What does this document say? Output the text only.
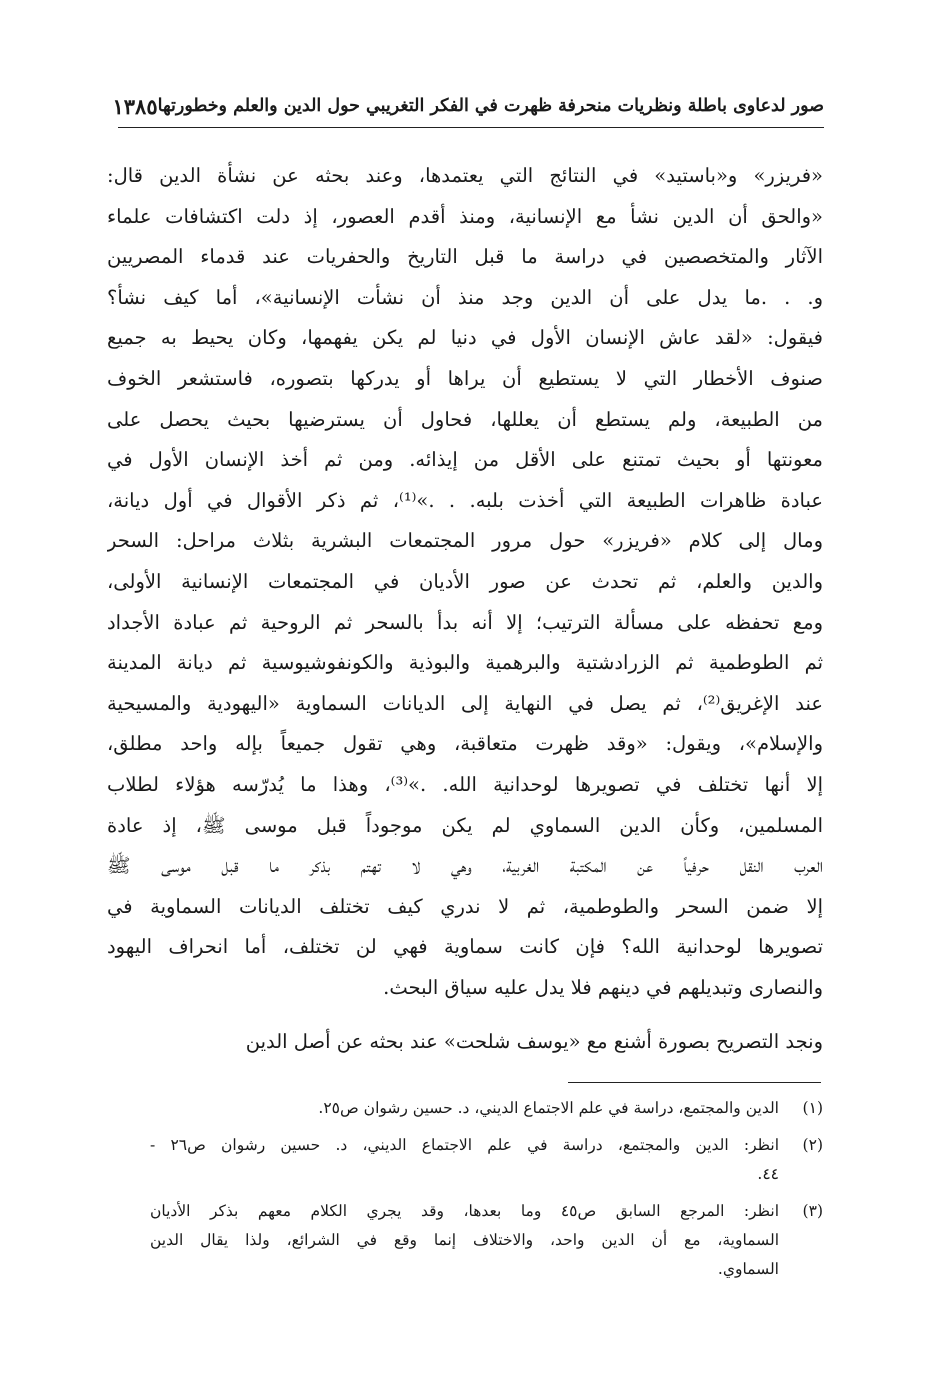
صور لدعاوى باطلة ونظريات منحرفة ظهرت في الفكر التغريبي حول الدين والعلم وخطورتها
١٣٨٥
«فريزر» و«باستيد» في النتائج التي يعتمدها، وعند بحثه عن نشأة الدين قال:
«والحق أن الدين نشأ مع الإنسانية، ومنذ أقدم العصور، إذ دلت اكتشافات علماء
الآثار والمتخصصين في دراسة ما قبل التاريخ والحفريات عند قدماء المصريين
و. . .ما يدل على أن الدين وجد منذ أن نشأت الإنسانية»، أما كيف نشأ؟
فيقول: «لقد عاش الإنسان الأول في دنيا لم يكن يفهمها، وكان يحيط به جميع
صنوف الأخطار التي لا يستطيع أن يراها أو يدركها بتصوره، فاستشعر الخوف
من الطبيعة، ولم يستطع أن يعللها، فحاول أن يسترضيها بحيث يحصل على
معونتها أو بحيث تمتنع على الأقل من إيذائه. ومن ثم أخذ الإنسان الأول في
عبادة ظاهرات الطبيعة التي أخذت بلبه. . .»⁽¹⁾، ثم ذكر الأقوال في أول ديانة،
ومال إلى كلام «فريزر» حول مرور المجتمعات البشرية بثلاث مراحل: السحر
والدين والعلم، ثم تحدث عن صور الأديان في المجتمعات الإنسانية الأولى،
ومع تحفظه على مسألة الترتيب؛ إلا أنه بدأ بالسحر ثم الروحية ثم عبادة الأجداد
ثم الطوطمية ثم الزرادشتية والبرهمية والبوذية والكونفوشيوسية ثم ديانة المدينة
عند الإغريق⁽²⁾، ثم يصل في النهاية إلى الديانات السماوية «اليهودية والمسيحية
والإسلام»، ويقول: «وقد ظهرت متعاقبة، وهي تقول جميعاً بإله واحد مطلق،
إلا أنها تختلف في تصويرها لوحدانية الله. .»⁽³⁾، وهذا ما يُدرّسه هؤلاء لطلاب
المسلمين، وكأن الدين السماوي لم يكن موجوداً قبل موسى ﷺ، إذ عادة
العرب النقل حرفياً عن المكتبة الغربية، وهي لا تهتم بذكر ما قبل موسى ﷺ
إلا ضمن السحر والطوطمية، ثم لا ندري كيف تختلف الديانات السماوية في
تصويرها لوحدانية الله؟ فإن كانت سماوية فهي لن تختلف، أما انحراف اليهود
والنصارى وتبديلهم في دينهم فلا يدل عليه سياق البحث.
ونجد التصريح بصورة أشنع مع «يوسف شلحت» عند بحثه عن أصل الدين
(١)
الدين والمجتمع، دراسة في علم الاجتماع الديني، د. حسين رشوان ص٢٥.
(٢)
انظر: الدين والمجتمع، دراسة في علم الاجتماع الديني، د. حسين رشوان ص٢٦ -
٤٤.
(٣)
انظر: المرجع السابق ص٤٥ وما بعدها، وقد يجري الكلام معهم بذكر الأديان
السماوية، مع أن الدين واحد، والاختلاف إنما وقع في الشرائع، ولذا يقال الدين
السماوي.
